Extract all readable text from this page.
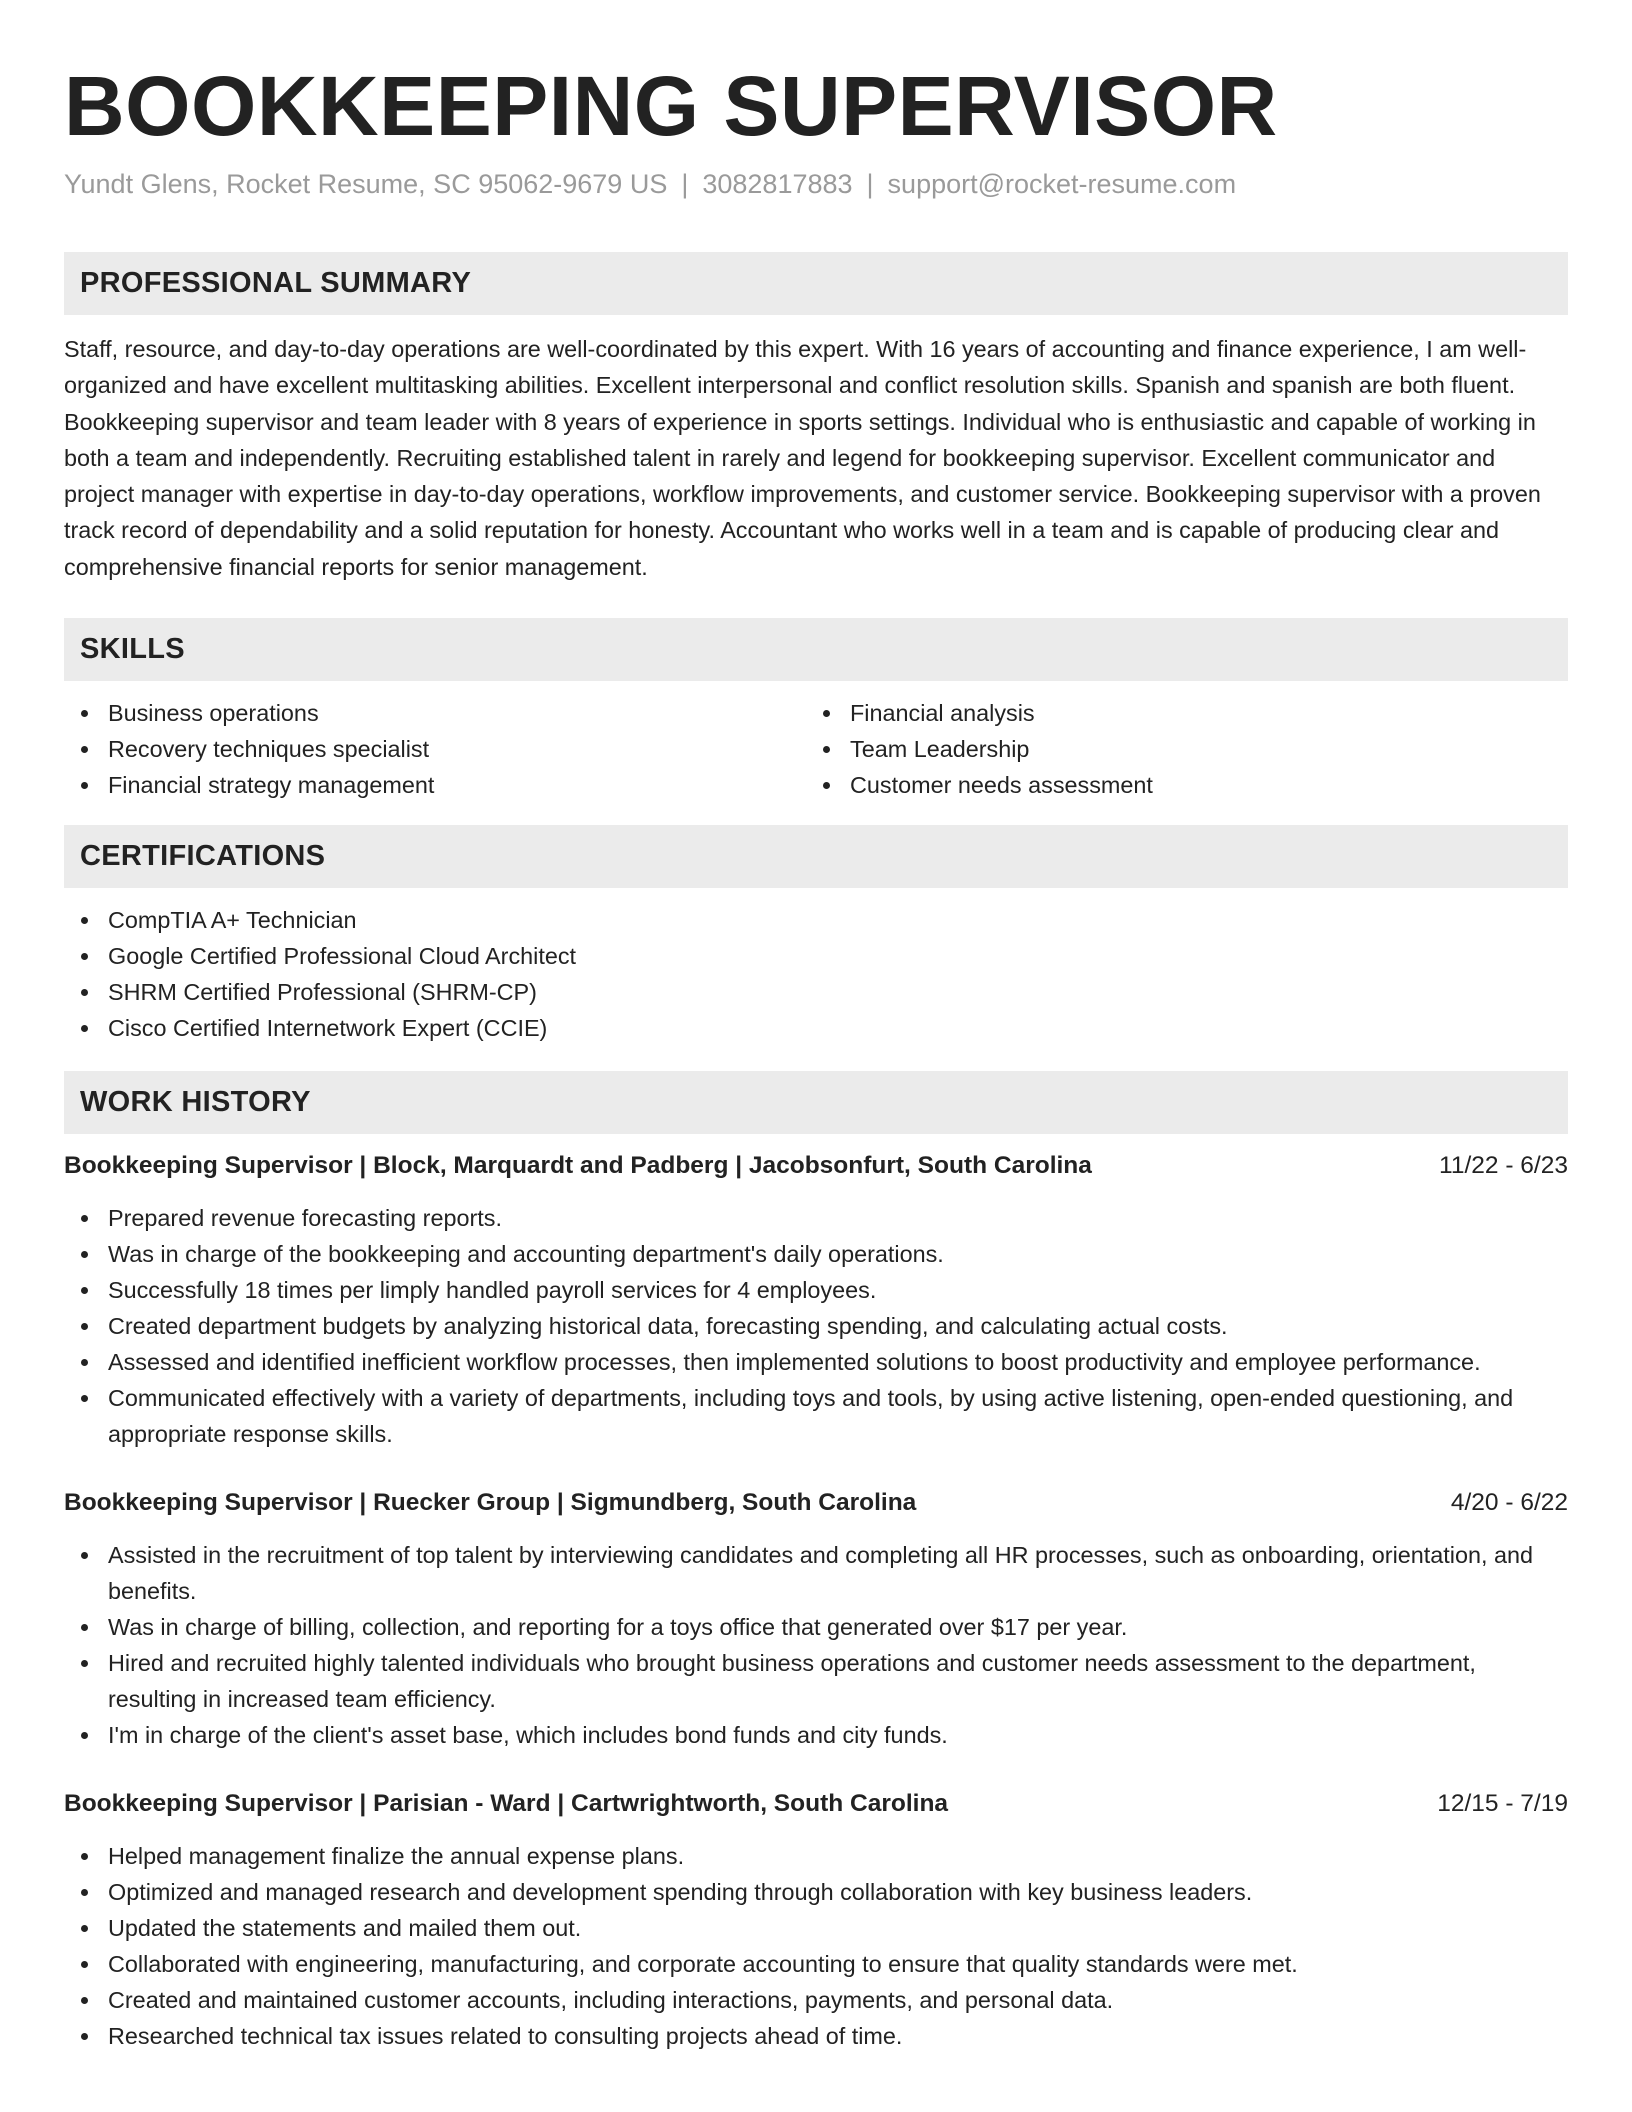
BOOKKEEPING SUPERVISOR
Yundt Glens, Rocket Resume, SC 95062-9679 US | 3082817883 | support@rocket-resume.com
PROFESSIONAL SUMMARY

Staff, resource, and day-to-day operations are well-coordinated by this expert. With 16 years of accounting and finance experience, I am well-organized and have excellent multitasking abilities. Excellent interpersonal and conflict resolution skills. Spanish and spanish are both fluent. Bookkeeping supervisor and team leader with 8 years of experience in sports settings. Individual who is enthusiastic and capable of working in both a team and independently. Recruiting established talent in rarely and legend for bookkeeping supervisor. Excellent communicator and project manager with expertise in day-to-day operations, workflow improvements, and customer service. Bookkeeping supervisor with a proven track record of dependability and a solid reputation for honesty. Accountant who works well in a team and is capable of producing clear and comprehensive financial reports for senior management.

SKILLS
Business operations
Recovery techniques specialist
Financial strategy management
Financial analysis
Team Leadership
Customer needs assessment
CERTIFICATIONS
CompTIA A+ Technician
Google Certified Professional Cloud Architect
SHRM Certified Professional (SHRM-CP)
Cisco Certified Internetwork Expert (CCIE)
WORK HISTORY
Bookkeeping Supervisor | Block, Marquardt and Padberg | Jacobsonfurt, South Carolina	11/22 - 6/23
Prepared revenue forecasting reports.
Was in charge of the bookkeeping and accounting department's daily operations.
Successfully 18 times per limply handled payroll services for 4 employees.
Created department budgets by analyzing historical data, forecasting spending, and calculating actual costs.
Assessed and identified inefficient workflow processes, then implemented solutions to boost productivity and employee performance.
Communicated effectively with a variety of departments, including toys and tools, by using active listening, open-ended questioning, and appropriate response skills.
Bookkeeping Supervisor | Ruecker Group | Sigmundberg, South Carolina	4/20 - 6/22
Assisted in the recruitment of top talent by interviewing candidates and completing all HR processes, such as onboarding, orientation, and benefits.
Was in charge of billing, collection, and reporting for a toys office that generated over $17 per year.
Hired and recruited highly talented individuals who brought business operations and customer needs assessment to the department, resulting in increased team efficiency.
I'm in charge of the client's asset base, which includes bond funds and city funds.
Bookkeeping Supervisor | Parisian - Ward | Cartwrightworth, South Carolina	12/15 - 7/19
Helped management finalize the annual expense plans.
Optimized and managed research and development spending through collaboration with key business leaders.
Updated the statements and mailed them out.
Collaborated with engineering, manufacturing, and corporate accounting to ensure that quality standards were met.
Created and maintained customer accounts, including interactions, payments, and personal data.
Researched technical tax issues related to consulting projects ahead of time.
